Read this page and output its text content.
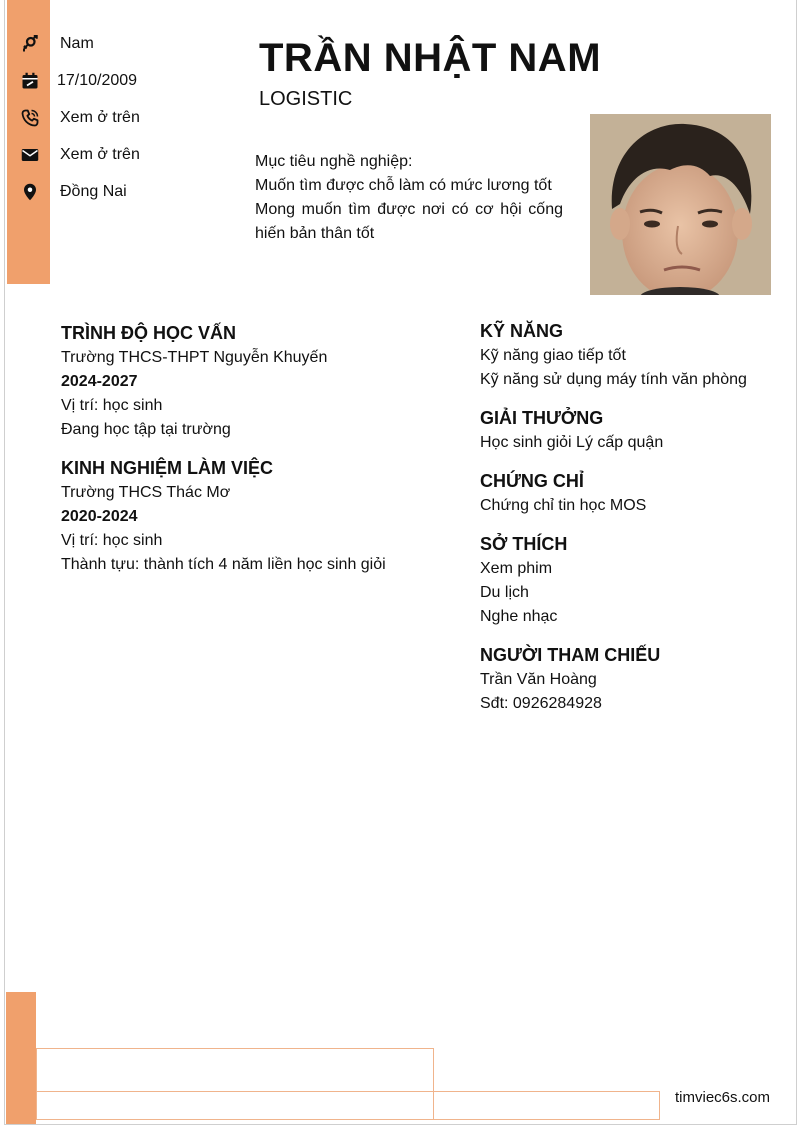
Nam
17/10/2009
Xem ở trên
Xem ở trên
Đồng Nai
TRẦN NHẬT NAM
LOGISTIC
Mục tiêu nghề nghiệp:
Muốn tìm được chỗ làm có mức lương tốt
Mong muốn tìm được nơi có cơ hội cống hiến bản thân tốt
TRÌNH ĐỘ HỌC VẤN
Trường THCS-THPT Nguyễn Khuyến
2024-2027
Vị trí: học sinh
Đang học tập tại trường
KINH NGHIỆM LÀM VIỆC
Trường THCS Thác Mơ
2020-2024
Vị trí: học sinh
Thành tựu: thành tích 4 năm liền học sinh giỏi
KỸ NĂNG
Kỹ năng giao tiếp tốt
Kỹ năng sử dụng máy tính văn phòng
GIẢI THƯỞNG
Học sinh giỏi Lý cấp quận
CHỨNG CHỈ
Chứng chỉ tin học MOS
SỞ THÍCH
Xem phim
Du lịch
Nghe nhạc
NGƯỜI THAM CHIẾU
Trần Văn Hoàng
Sđt: 0926284928
timviec6s.com
